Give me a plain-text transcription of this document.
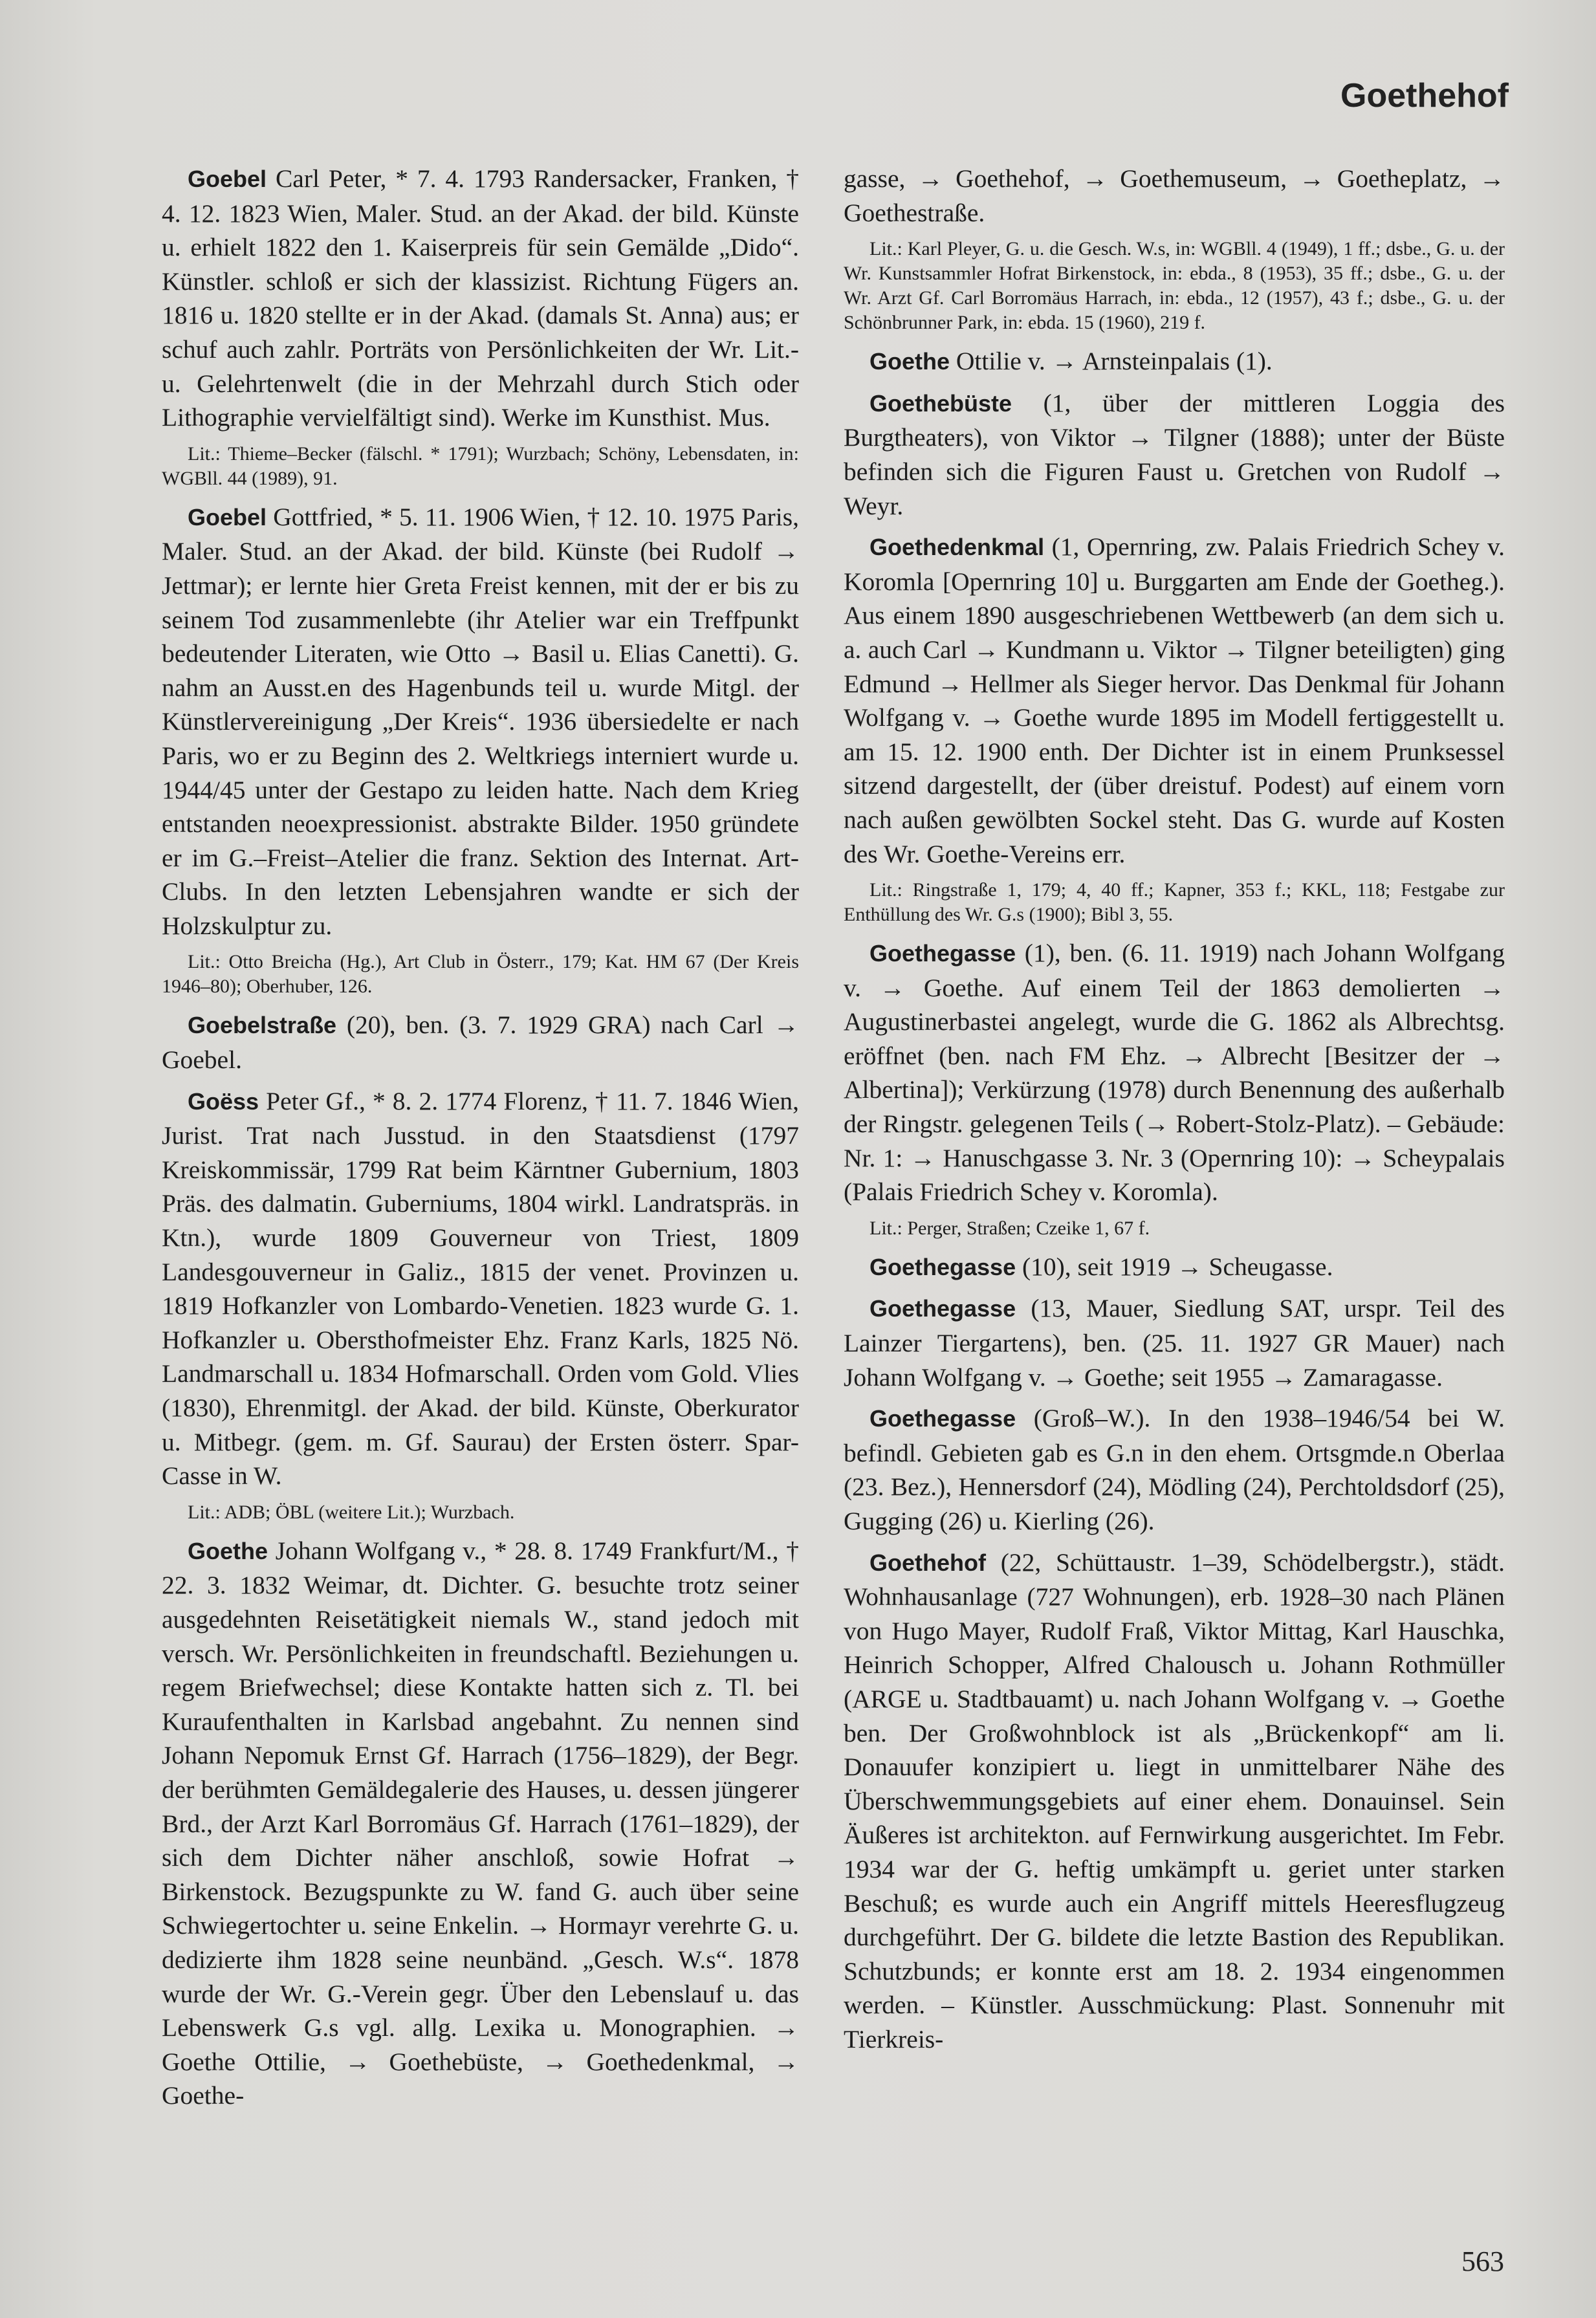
Goethehof

Goebel Carl Peter, * 7. 4. 1793 Randersacker, Franken, † 4. 12. 1823 Wien, Maler. Stud. an der Akad. der bild. Künste u. erhielt 1822 den 1. Kaiserpreis für sein Gemälde „Dido“. Künstler. schloß er sich der klassizist. Richtung Fügers an. 1816 u. 1820 stellte er in der Akad. (damals St. Anna) aus; er schuf auch zahlr. Porträts von Persönlichkeiten der Wr. Lit.- u. Gelehrtenwelt (die in der Mehrzahl durch Stich oder Lithographie vervielfältigt sind). Werke im Kunsthist. Mus.

Lit.: Thieme–Becker (fälschl. * 1791); Wurzbach; Schöny, Lebensdaten, in: WGBll. 44 (1989), 91.

Goebel Gottfried, * 5. 11. 1906 Wien, † 12. 10. 1975 Paris, Maler. Stud. an der Akad. der bild. Künste (bei Rudolf → Jettmar); er lernte hier Greta Freist kennen, mit der er bis zu seinem Tod zusammenlebte (ihr Atelier war ein Treffpunkt bedeutender Literaten, wie Otto → Basil u. Elias Canetti). G. nahm an Ausst.en des Hagenbunds teil u. wurde Mitgl. der Künstlervereinigung „Der Kreis“. 1936 übersiedelte er nach Paris, wo er zu Beginn des 2. Weltkriegs interniert wurde u. 1944/45 unter der Gestapo zu leiden hatte. Nach dem Krieg entstanden neoexpressionist. abstrakte Bilder. 1950 gründete er im G.–Freist–Atelier die franz. Sektion des Internat. Art-Clubs. In den letzten Lebensjahren wandte er sich der Holzskulptur zu.

Lit.: Otto Breicha (Hg.), Art Club in Österr., 179; Kat. HM 67 (Der Kreis 1946–80); Oberhuber, 126.

Goebelstraße (20), ben. (3. 7. 1929 GRA) nach Carl → Goebel.

Goëss Peter Gf., * 8. 2. 1774 Florenz, † 11. 7. 1846 Wien, Jurist. Trat nach Jusstud. in den Staatsdienst (1797 Kreiskommissär, 1799 Rat beim Kärntner Gubernium, 1803 Präs. des dalmatin. Guberniums, 1804 wirkl. Landratspräs. in Ktn.), wurde 1809 Gouverneur von Triest, 1809 Landesgouverneur in Galiz., 1815 der venet. Provinzen u. 1819 Hofkanzler von Lombardo-Venetien. 1823 wurde G. 1. Hofkanzler u. Obersthofmeister Ehz. Franz Karls, 1825 Nö. Landmarschall u. 1834 Hofmarschall. Orden vom Gold. Vlies (1830), Ehrenmitgl. der Akad. der bild. Künste, Oberkurator u. Mitbegr. (gem. m. Gf. Saurau) der Ersten österr. Spar-Casse in W.

Lit.: ADB; ÖBL (weitere Lit.); Wurzbach.

Goethe Johann Wolfgang v., * 28. 8. 1749 Frankfurt/M., † 22. 3. 1832 Weimar, dt. Dichter. G. besuchte trotz seiner ausgedehnten Reisetätigkeit niemals W., stand jedoch mit versch. Wr. Persönlichkeiten in freundschaftl. Beziehungen u. regem Briefwechsel; diese Kontakte hatten sich z. Tl. bei Kuraufenthalten in Karlsbad angebahnt. Zu nennen sind Johann Nepomuk Ernst Gf. Harrach (1756–1829), der Begr. der berühmten Gemäldegalerie des Hauses, u. dessen jüngerer Brd., der Arzt Karl Borromäus Gf. Harrach (1761–1829), der sich dem Dichter näher anschloß, sowie Hofrat → Birkenstock. Bezugspunkte zu W. fand G. auch über seine Schwiegertochter u. seine Enkelin. → Hormayr verehrte G. u. dedizierte ihm 1828 seine neunbänd. „Gesch. W.s“. 1878 wurde der Wr. G.-Verein gegr. Über den Lebenslauf u. das Lebenswerk G.s vgl. allg. Lexika u. Monographien. → Goethe Ottilie, → Goethebüste, → Goethedenkmal, → Goethe-

gasse, → Goethehof, → Goethemuseum, → Goetheplatz, → Goethestraße.

Lit.: Karl Pleyer, G. u. die Gesch. W.s, in: WGBll. 4 (1949), 1 ff.; dsbe., G. u. der Wr. Kunstsammler Hofrat Birkenstock, in: ebda., 8 (1953), 35 ff.; dsbe., G. u. der Wr. Arzt Gf. Carl Borromäus Harrach, in: ebda., 12 (1957), 43 f.; dsbe., G. u. der Schönbrunner Park, in: ebda. 15 (1960), 219 f.

Goethe Ottilie v. → Arnsteinpalais (1).

Goethebüste (1, über der mittleren Loggia des Burgtheaters), von Viktor → Tilgner (1888); unter der Büste befinden sich die Figuren Faust u. Gretchen von Rudolf → Weyr.

Goethedenkmal (1, Opernring, zw. Palais Friedrich Schey v. Koromla [Opernring 10] u. Burggarten am Ende der Goetheg.). Aus einem 1890 ausgeschriebenen Wettbewerb (an dem sich u. a. auch Carl → Kundmann u. Viktor → Tilgner beteiligten) ging Edmund → Hellmer als Sieger hervor. Das Denkmal für Johann Wolfgang v. → Goethe wurde 1895 im Modell fertiggestellt u. am 15. 12. 1900 enth. Der Dichter ist in einem Prunksessel sitzend dargestellt, der (über dreistuf. Podest) auf einem vorn nach außen gewölbten Sockel steht. Das G. wurde auf Kosten des Wr. Goethe-Vereins err.

Lit.: Ringstraße 1, 179; 4, 40 ff.; Kapner, 353 f.; KKL, 118; Festgabe zur Enthüllung des Wr. G.s (1900); Bibl 3, 55.

Goethegasse (1), ben. (6. 11. 1919) nach Johann Wolfgang v. → Goethe. Auf einem Teil der 1863 demolierten → Augustinerbastei angelegt, wurde die G. 1862 als Albrechtsg. eröffnet (ben. nach FM Ehz. → Albrecht [Besitzer der → Albertina]); Verkürzung (1978) durch Benennung des außerhalb der Ringstr. gelegenen Teils (→ Robert-Stolz-Platz). – Gebäude: Nr. 1: → Hanuschgasse 3. Nr. 3 (Opernring 10): → Scheypalais (Palais Friedrich Schey v. Koromla).

Lit.: Perger, Straßen; Czeike 1, 67 f.

Goethegasse (10), seit 1919 → Scheugasse.

Goethegasse (13, Mauer, Siedlung SAT, urspr. Teil des Lainzer Tiergartens), ben. (25. 11. 1927 GR Mauer) nach Johann Wolfgang v. → Goethe; seit 1955 → Zamaragasse.

Goethegasse (Groß–W.). In den 1938–1946/54 bei W. befindl. Gebieten gab es G.n in den ehem. Ortsgmde.n Oberlaa (23. Bez.), Hennersdorf (24), Mödling (24), Perchtoldsdorf (25), Gugging (26) u. Kierling (26).

Goethehof (22, Schüttaustr. 1–39, Schödelbergstr.), städt. Wohnhausanlage (727 Wohnungen), erb. 1928–30 nach Plänen von Hugo Mayer, Rudolf Fraß, Viktor Mittag, Karl Hauschka, Heinrich Schopper, Alfred Chalousch u. Johann Rothmüller (ARGE u. Stadtbauamt) u. nach Johann Wolfgang v. → Goethe ben. Der Großwohnblock ist als „Brückenkopf“ am li. Donauufer konzipiert u. liegt in unmittelbarer Nähe des Überschwemmungsgebiets auf einer ehem. Donauinsel. Sein Äußeres ist architekton. auf Fernwirkung ausgerichtet. Im Febr. 1934 war der G. heftig umkämpft u. geriet unter starken Beschuß; es wurde auch ein Angriff mittels Heeresflugzeug durchgeführt. Der G. bildete die letzte Bastion des Republikan. Schutzbunds; er konnte erst am 18. 2. 1934 eingenommen werden. – Künstler. Ausschmückung: Plast. Sonnenuhr mit Tierkreis-

563
